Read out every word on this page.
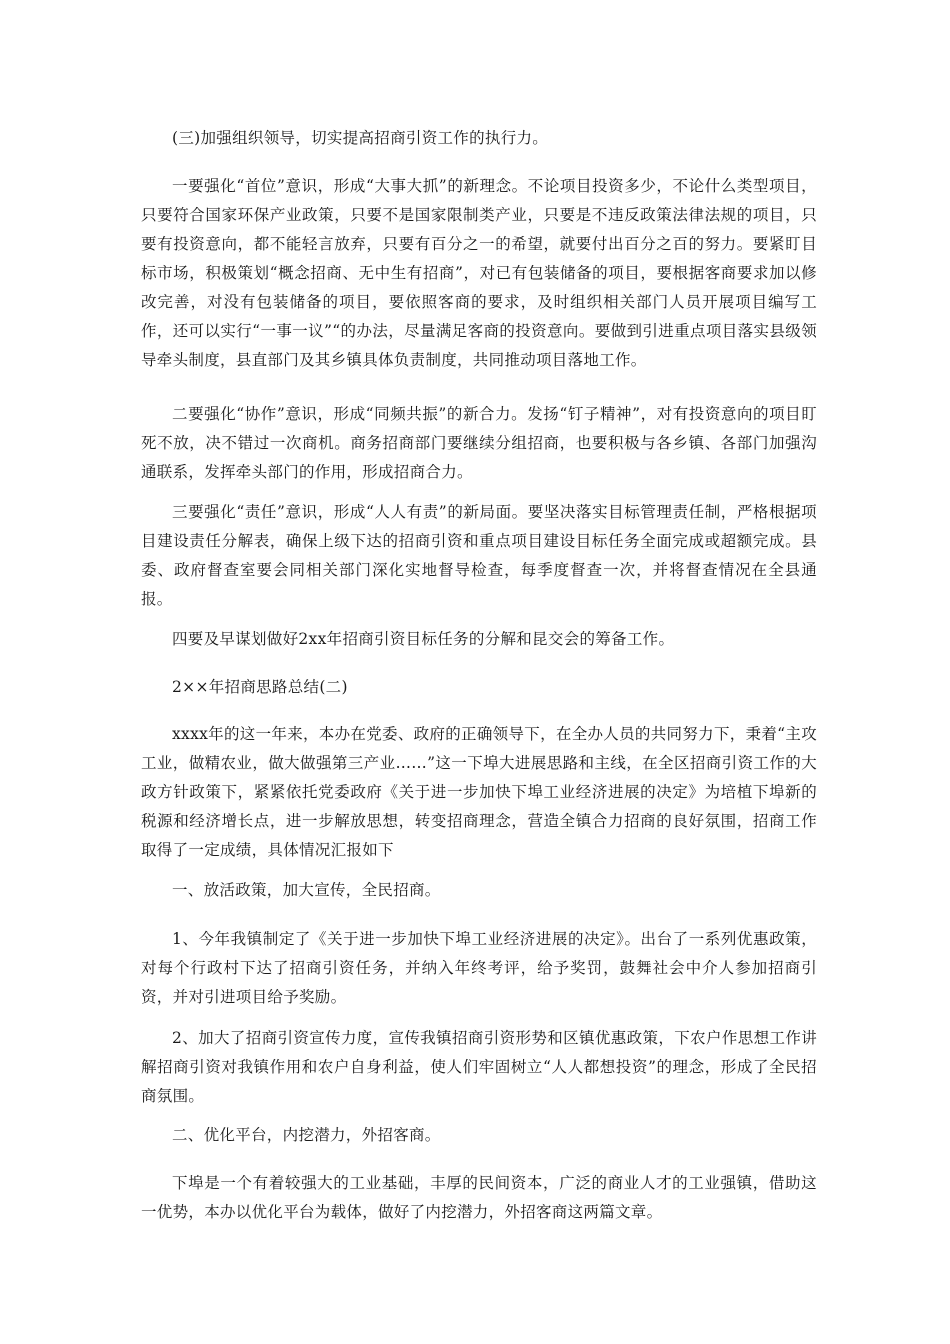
(三)加强组织领导，切实提高招商引资工作的执行力。

一要强化“首位”意识，形成“大事大抓”的新理念。不论项目投资多少，不论什么类型项目，只要符合国家环保产业政策，只要不是国家限制类产业，只要是不违反政策法律法规的项目，只要有投资意向，都不能轻言放弃，只要有百分之一的希望，就要付出百分之百的努力。要紧盯目标市场，积极策划“概念招商、无中生有招商”，对已有包装储备的项目，要根据客商要求加以修改完善，对没有包装储备的项目，要依照客商的要求，及时组织相关部门人员开展项目编写工作，还可以实行“一事一议”“的办法，尽量满足客商的投资意向。要做到引进重点项目落实县级领导牵头制度，县直部门及其乡镇具体负责制度，共同推动项目落地工作。

二要强化“协作”意识，形成“同频共振”的新合力。发扬“钉子精神”，对有投资意向的项目盯死不放，决不错过一次商机。商务招商部门要继续分组招商，也要积极与各乡镇、各部门加强沟通联系，发挥牵头部门的作用，形成招商合力。

三要强化“责任”意识，形成“人人有责”的新局面。要坚决落实目标管理责任制，严格根据项目建设责任分解表，确保上级下达的招商引资和重点项目建设目标任务全面完成或超额完成。县委、政府督查室要会同相关部门深化实地督导检查，每季度督查一次，并将督查情况在全县通报。

四要及早谋划做好2xx年招商引资目标任务的分解和昆交会的筹备工作。

2××年招商思路总结(二)

xxxx年的这一年来，本办在党委、政府的正确领导下，在全办人员的共同努力下，秉着“主攻工业，做精农业，做大做强第三产业……”这一下埠大进展思路和主线，在全区招商引资工作的大政方针政策下，紧紧依托党委政府《关于进一步加快下埠工业经济进展的决定》为培植下埠新的税源和经济增长点，进一步解放思想，转变招商理念，营造全镇合力招商的良好氛围，招商工作取得了一定成绩，具体情况汇报如下

一、放活政策，加大宣传，全民招商。

1、今年我镇制定了《关于进一步加快下埠工业经济进展的决定》。出台了一系列优惠政策，对每个行政村下达了招商引资任务，并纳入年终考评，给予奖罚，鼓舞社会中介人参加招商引资，并对引进项目给予奖励。

2、加大了招商引资宣传力度，宣传我镇招商引资形势和区镇优惠政策，下农户作思想工作讲解招商引资对我镇作用和农户自身利益，使人们牢固树立“人人都想投资”的理念，形成了全民招商氛围。

二、优化平台，内挖潜力，外招客商。

下埠是一个有着较强大的工业基础，丰厚的民间资本，广泛的商业人才的工业强镇，借助这一优势，本办以优化平台为载体，做好了内挖潜力，外招客商这两篇文章。
